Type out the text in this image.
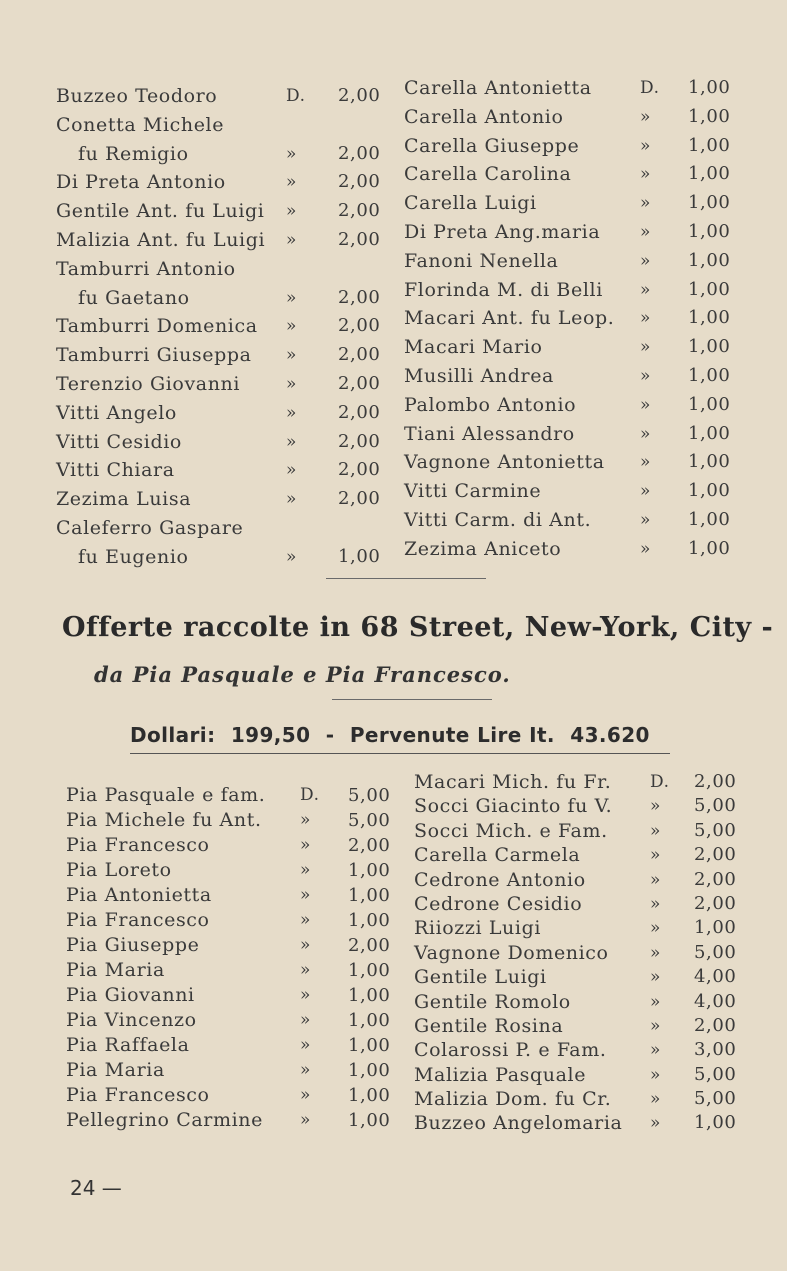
Buzzeo Teodoro	D. 2,00
Conetta Michele
fu Remigio	» 2,00
Di Preta Antonio	» 2,00
Gentile Ant. fu Luigi » 2,00
Malizia Ant. fu Luigi » 2,00
Tamburri Antonio
fu Gaetano	» 2,00
Tamburri Domenica » 2,00
Tamburri Giuseppa » 2,00
Terenzio Giovanni	» 2,00
Vitti Angelo	» 2,00
Vitti Cesidio	» 2,00
Vitti Chiara	» 2,00
Zezima Luisa	» 2,00
Caleferro Gaspare
fu Eugenio	» 1,00
Carella Antonietta	D. 1,00
Carella Antonio	» 1,00
Carella Giuseppe	» 1,00
Carella Carolina	» 1,00
Carella Luigi	» 1,00
Di Preta Ang.maria » 1,00
Fanoni Nenella	» 1,00
Florinda M. di Belli » 1,00
Macari Ant. fu Leop. » 1,00
Macari Mario	» 1,00
Musilli Andrea	» 1,00
Palombo Antonio	» 1,00
Tiani Alessandro	» 1,00
Vagnone Antonietta » 1,00
Vitti Carmine	» 1,00
Vitti Carm. di Ant.	» 1,00
Zezima Aniceto	» 1,00
Offerte raccolte in 68 Street, New-York, City -
da Pia Pasquale e Pia Francesco.
Dollari: 199,50 - Pervenute Lire It. 43.620
Pia Pasquale e fam. D. 5,00
Pia Michele fu Ant. » 5,00
Pia Francesco	» 2,00
Pia Loreto	» 1,00
Pia Antonietta	» 1,00
Pia Francesco	» 1,00
Pia Giuseppe	» 2,00
Pia Maria	» 1,00
Pia Giovanni	» 1,00
Pia Vincenzo	» 1,00
Pia Raffaela	» 1,00
Pia Maria	» 1,00
Pia Francesco	» 1,00
Pellegrino Carmine » 1,00
Macari Mich. fu Fr. D. 2,00
Socci Giacinto fu V. » 5,00
Socci Mich. e Fam. » 5,00
Carella Carmela	» 2,00
Cedrone Antonio	» 2,00
Cedrone Cesidio	» 2,00
Riiozzi Luigi	» 1,00
Vagnone Domenico » 5,00
Gentile Luigi	» 4,00
Gentile Romolo	» 4,00
Gentile Rosina	» 2,00
Colarossi P. e Fam.	» 3,00
Malizia Pasquale	» 5,00
Malizia Dom. fu Cr. » 5,00
Buzzeo Angelomaria » 1,00
24 —
